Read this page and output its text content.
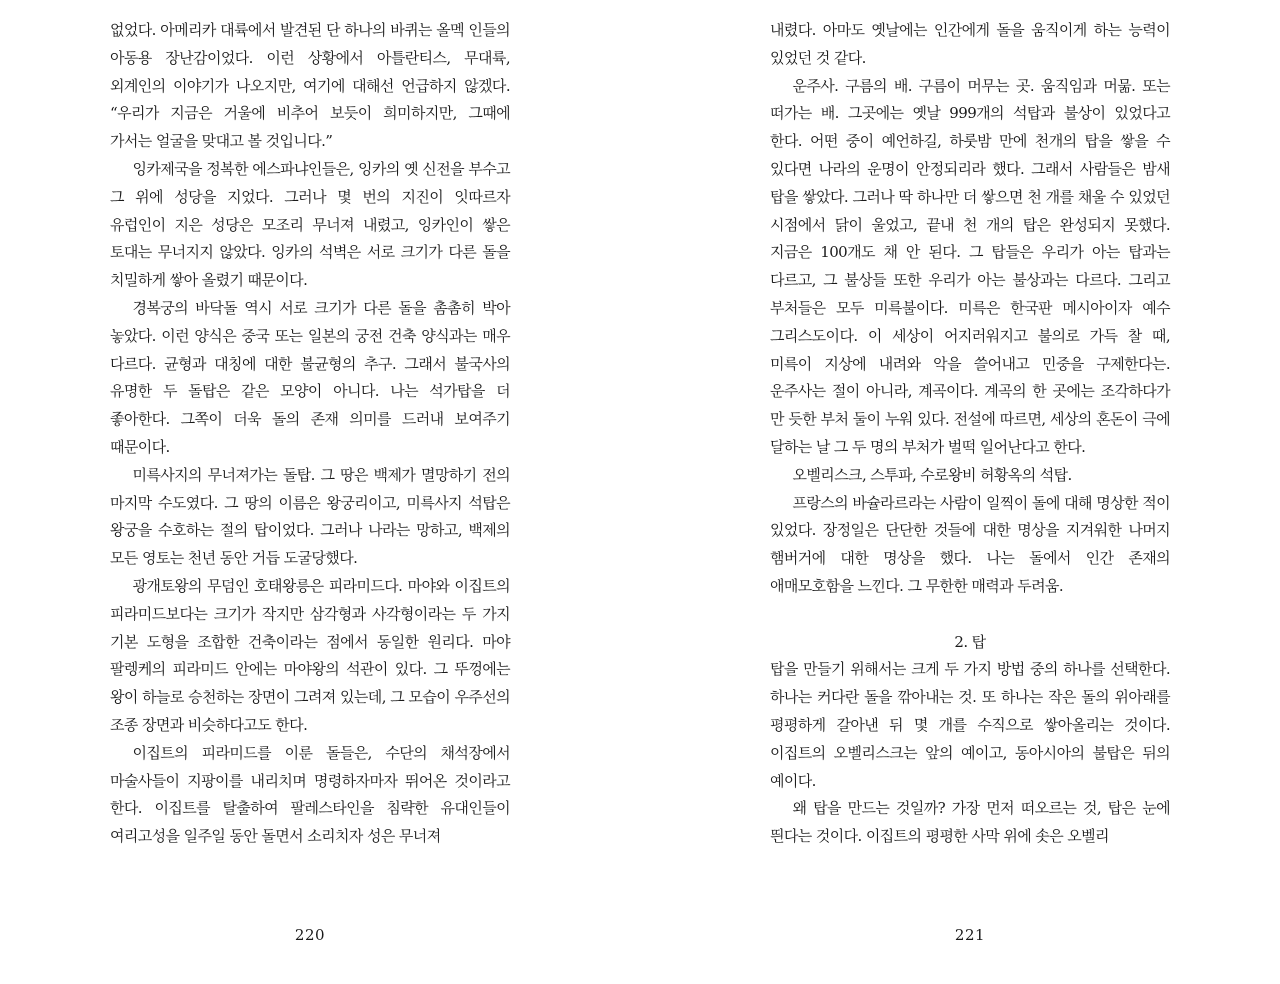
없었다. 아메리카 대륙에서 발견된 단 하나의 바퀴는 올멕 인들의 아동용 장난감이었다. 이런 상황에서 아틀란티스, 무대륙, 외계인의 이야기가 나오지만, 여기에 대해선 언급하지 않겠다. “우리가 지금은 거울에 비추어 보듯이 희미하지만, 그때에 가서는 얼굴을 맞대고 볼 것입니다.”

잉카제국을 정복한 에스파냐인들은, 잉카의 옛 신전을 부수고 그 위에 성당을 지었다. 그러나 몇 번의 지진이 잇따르자 유럽인이 지은 성당은 모조리 무너져 내렸고, 잉카인이 쌓은 토대는 무너지지 않았다. 잉카의 석벽은 서로 크기가 다른 돌을 치밀하게 쌓아 올렸기 때문이다.

경복궁의 바닥돌 역시 서로 크기가 다른 돌을 촘촘히 박아 놓았다. 이런 양식은 중국 또는 일본의 궁전 건축 양식과는 매우 다르다. 균형과 대칭에 대한 불균형의 추구. 그래서 불국사의 유명한 두 돌탑은 같은 모양이 아니다. 나는 석가탑을 더 좋아한다. 그쪽이 더욱 돌의 존재 의미를 드러내 보여주기 때문이다.

미륵사지의 무너져가는 돌탑. 그 땅은 백제가 멸망하기 전의 마지막 수도였다. 그 땅의 이름은 왕궁리이고, 미륵사지 석탑은 왕궁을 수호하는 절의 탑이었다. 그러나 나라는 망하고, 백제의 모든 영토는 천년 동안 거듭 도굴당했다.

광개토왕의 무덤인 호태왕릉은 피라미드다. 마야와 이집트의 피라미드보다는 크기가 작지만 삼각형과 사각형이라는 두 가지 기본 도형을 조합한 건축이라는 점에서 동일한 원리다. 마야 팔렝케의 피라미드 안에는 마야왕의 석관이 있다. 그 뚜껑에는 왕이 하늘로 승천하는 장면이 그려져 있는데, 그 모습이 우주선의 조종 장면과 비슷하다고도 한다.

이집트의 피라미드를 이룬 돌들은, 수단의 채석장에서 마술사들이 지팡이를 내리치며 명령하자마자 뛰어온 것이라고 한다. 이집트를 탈출하여 팔레스타인을 침략한 유대인들이 여리고성을 일주일 동안 돌면서 소리치자 성은 무너져

220

내렸다. 아마도 옛날에는 인간에게 돌을 움직이게 하는 능력이 있었던 것 같다.

운주사. 구름의 배. 구름이 머무는 곳. 움직임과 머묾. 또는 떠가는 배. 그곳에는 옛날 999개의 석탑과 불상이 있었다고 한다. 어떤 중이 예언하길, 하룻밤 만에 천개의 탑을 쌓을 수 있다면 나라의 운명이 안정되리라 했다. 그래서 사람들은 밤새 탑을 쌓았다. 그러나 딱 하나만 더 쌓으면 천 개를 채울 수 있었던 시점에서 닭이 울었고, 끝내 천 개의 탑은 완성되지 못했다. 지금은 100개도 채 안 된다. 그 탑들은 우리가 아는 탑과는 다르고, 그 불상들 또한 우리가 아는 불상과는 다르다. 그리고 부처들은 모두 미륵불이다. 미륵은 한국판 메시아이자 예수 그리스도이다. 이 세상이 어지러워지고 불의로 가득 찰 때, 미륵이 지상에 내려와 악을 쓸어내고 민중을 구제한다는. 운주사는 절이 아니라, 계곡이다. 계곡의 한 곳에는 조각하다가 만 듯한 부처 둘이 누워 있다. 전설에 따르면, 세상의 혼돈이 극에 달하는 날 그 두 명의 부처가 벌떡 일어난다고 한다.

오벨리스크, 스투파, 수로왕비 허황옥의 석탑.

프랑스의 바슐라르라는 사람이 일찍이 돌에 대해 명상한 적이 있었다. 장정일은 단단한 것들에 대한 명상을 지겨워한 나머지 햄버거에 대한 명상을 했다. 나는 돌에서 인간 존재의 애매모호함을 느낀다. 그 무한한 매력과 두려움.

2. 탑

탑을 만들기 위해서는 크게 두 가지 방법 중의 하나를 선택한다. 하나는 커다란 돌을 깎아내는 것. 또 하나는 작은 돌의 위아래를 평평하게 갈아낸 뒤 몇 개를 수직으로 쌓아올리는 것이다. 이집트의 오벨리스크는 앞의 예이고, 동아시아의 불탑은 뒤의 예이다.

왜 탑을 만드는 것일까? 가장 먼저 떠오르는 것, 탑은 눈에 띈다는 것이다. 이집트의 평평한 사막 위에 솟은 오벨리

221
